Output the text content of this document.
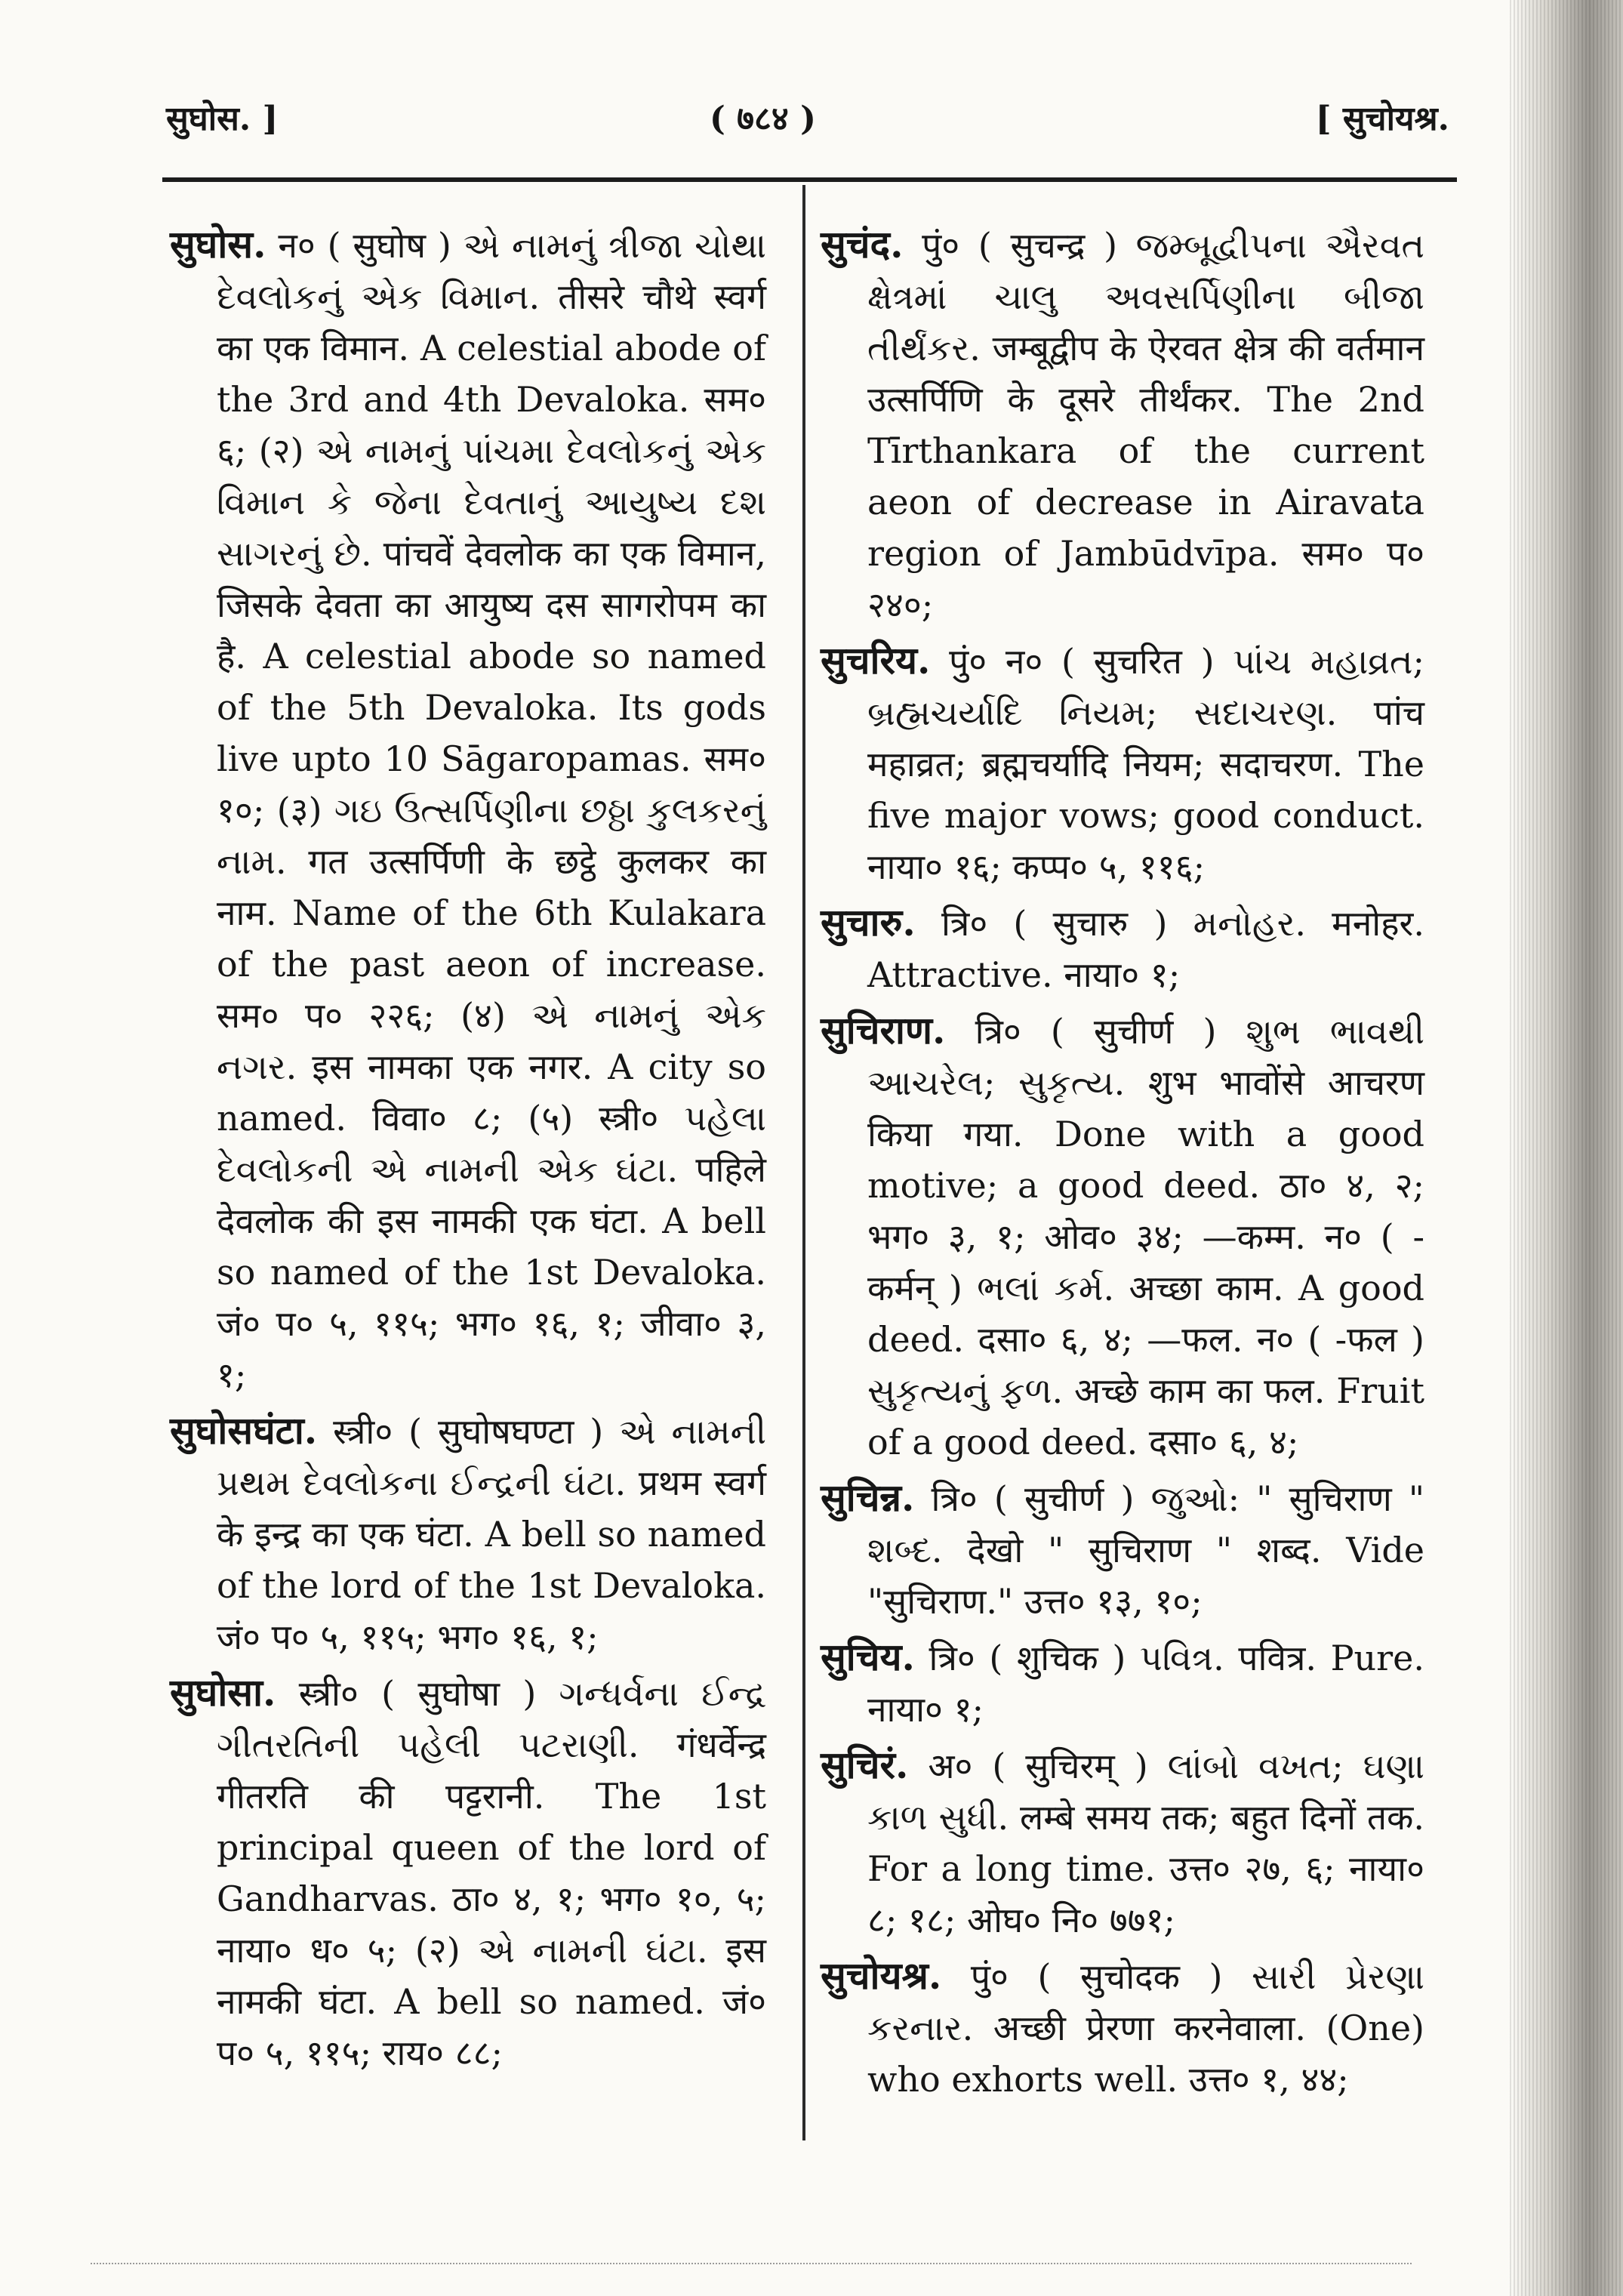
सुघोस. ]	( ७८४ )	[ सुचोयश्र.

सुघोस. न० ( सुघोष ) એ નામનું ત્રીજા ચોથા દેવલોકનું એક વિમાન. तीसरे चौथे स्वर्ग का एक विमान. A celestial abode of the 3rd and 4th Devaloka. सम० ६; (२) એ નામનું પાંચમા દેવલોકનું એક વિમાન કે જેના દેવતાનું આયુષ્ય દશ સાગરનું છે. पांचवें देवलोक का एक विमान, जिसके देवता का आयुष्य दस सागरोपम का है. A celestial abode so named of the 5th Devaloka. Its gods live upto 10 Sāgaropamas. सम० १०; (३) ગઇ ઉત્સર્પિણીના છઠ્ઠા કુલકરનું નામ. गत उत्सर्पिणी के छट्ठे कुलकर का नाम. Name of the 6th Kulakara of the past aeon of increase. सम० प० २२६; (४) એ નામનું એક નગર. इस नामका एक नगर. A city so named. विवा० ८; (५) स्त्री० પહેલા દેવલોકની એ નામની એક ઘંટા. पहिले देवलोक की इस नामकी एक घंटा. A bell so named of the 1st Devaloka. जं० प० ५, ११५; भग० १६, १; जीवा० ३, १;

सुघोसघंटा. स्त्री० ( सुघोषघण्टा ) એ નામની પ્રથમ દેવલોકના ઈન્દ્રની ઘંટા. प्रथम स्वर्ग के इन्द्र का एक घंटा. A bell so named of the lord of the 1st Devaloka. जं० प० ५, ११५; भग० १६, १;

सुघोसा. स्त्री० ( सुघोषा ) ગન્ધર્વના ઈન્દ્ર ગીતરતિની પહેલી પટરાણી. गंधर्वेन्द्र गीतरति की पट्टरानी. The 1st principal queen of the lord of Gandharvas. ठा० ४, १; भग० १०, ५; नाया० ध० ५; (२) એ નામની ઘંટા. इस नामकी घंटा. A bell so named. जं० प० ५, ११५; राय० ८८;

सुचंद. पुं० ( सुचन्द्र ) જમ્બૂદ્વીપના ઐરવત ક્ષેત્રમાં ચાલુ અવસર્પિણીના બીજા તીર્થંકર. जम्बूद्वीप के ऐरवत क्षेत्र की वर्तमान उत्सर्पिणि के दूसरे तीर्थंकर. The 2nd Tīrthankara of the current aeon of decrease in Airavata region of Jambūdvīpa. सम० प० २४०;

सुचरिय. पुं० न० ( सुचरित ) પાંચ મહાવ્રત; બ્રહ્મચર્યાદિ નિયમ; સદાચરણ. पांच महाव्रत; ब्रह्मचर्यादि नियम; सदाचरण. The five major vows; good conduct. नाया० १६; कप्प० ५, ११६;

सुचारु. त्रि० ( सुचारु ) મનોહર. मनोहर. Attractive. नाया० १;

सुचिराण. त्रि० ( सुचीर्ण ) શુભ ભાવથી આચરેલ; સુકૃત્ય. शुभ भावोंसे आचरण किया गया. Done with a good motive; a good deed. ठा० ४, २; भग० ३, १; ओव० ३४; —कम्म. न० ( -कर्मन् ) ભલાં કર્મ. अच्छा काम. A good deed. दसा० ६, ४; —फल. न० ( -फल ) સુકૃત્યનું ફળ. अच्छे काम का फल. Fruit of a good deed. दसा० ६, ४;

सुचिन्न. त्रि० ( सुचीर्ण ) જુઓ: " सुचिराण " શબ્દ. देखो " सुचिराण " शब्द. Vide "सुचिराण." उत्त० १३, १०;

सुचिय. त्रि० ( शुचिक ) પવિત્ર. पवित्र. Pure. नाया० १;

सुचिरं. अ० ( सुचिरम् ) લાંબો વખત; ઘણા કાળ સુધી. लम्बे समय तक; बहुत दिनों तक. For a long time. उत्त० २७, ६; नाया० ८; १८; ओघ० नि० ७७१;

सुचोयश्र. पुं० ( सुचोदक ) સારી પ્રેરણા કરનાર. अच्छी प्रेरणा करनेवाला. (One) who exhorts well. उत्त० १, ४४;
